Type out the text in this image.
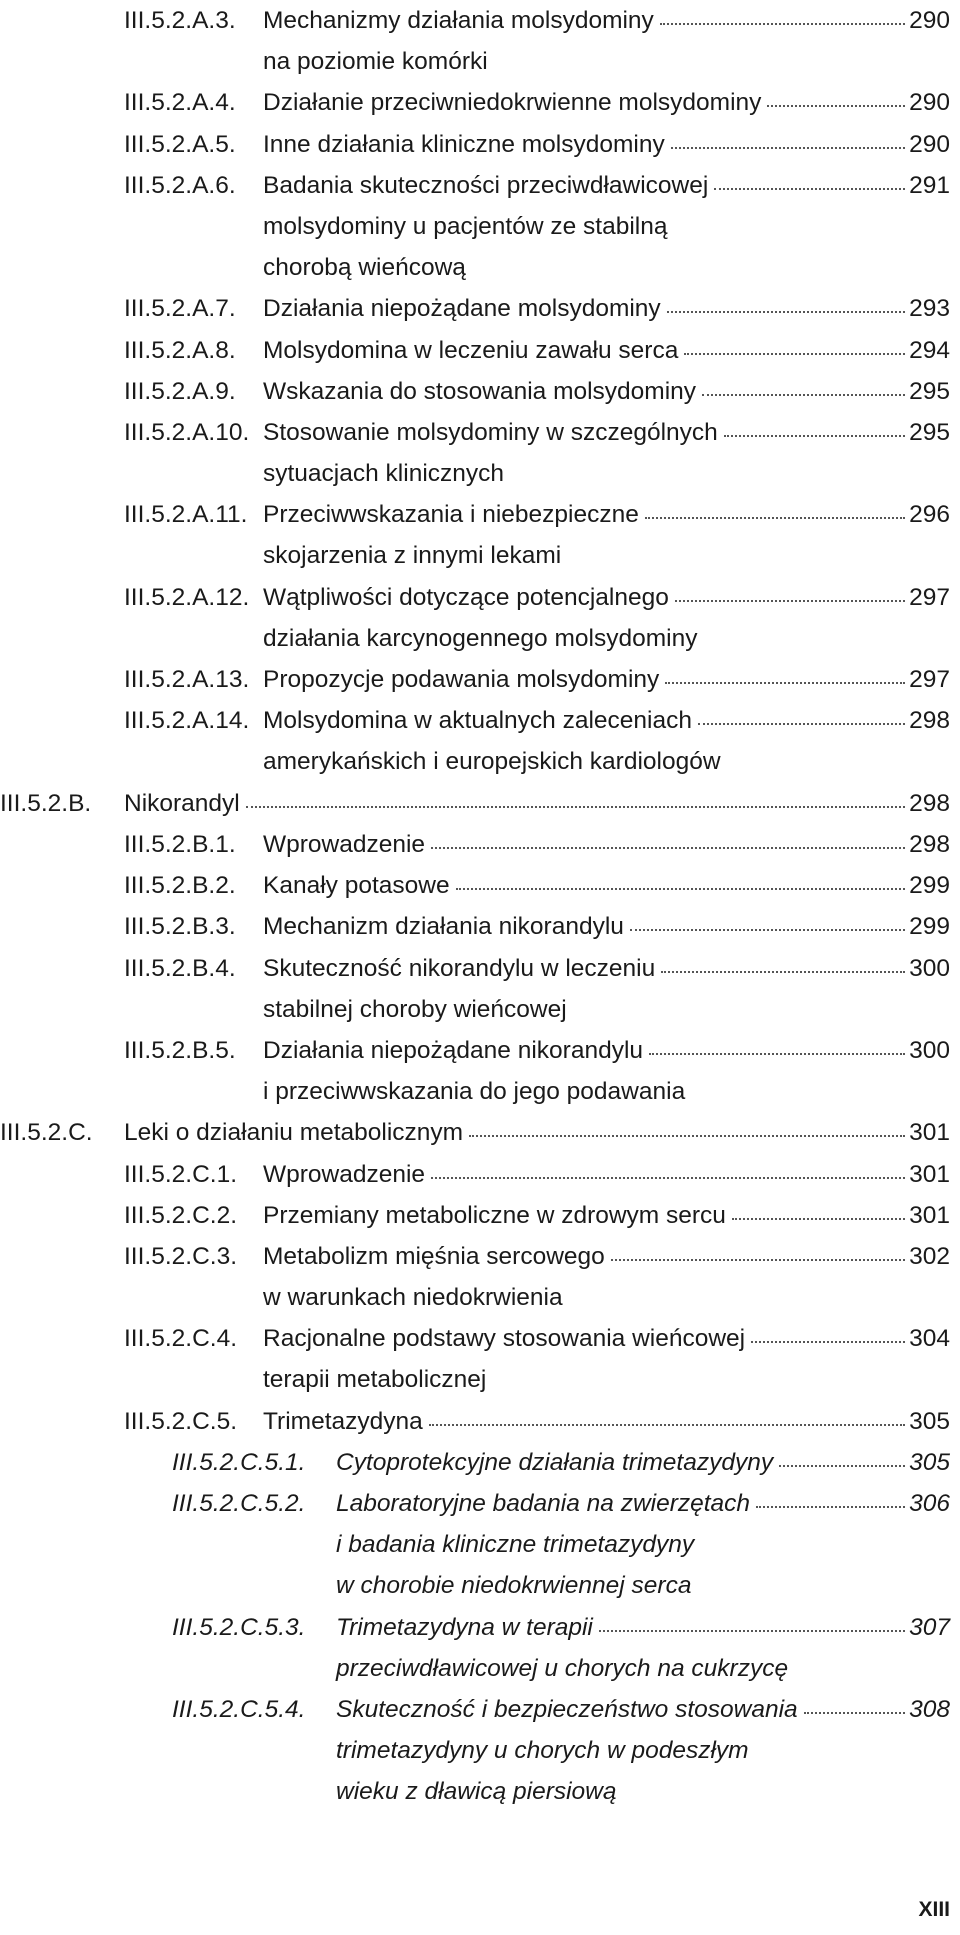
III.5.2.A.3. Mechanizmy działania molsydominy	290
na poziomie komórki
III.5.2.A.4. Działanie przeciwniedokrwienne molsydominy	290
III.5.2.A.5. Inne działania kliniczne molsydominy	290
III.5.2.A.6. Badania skuteczności przeciwdławicowej	291
molsydominy u pacjentów ze stabilną
chorobą wieńcową
III.5.2.A.7. Działania niepożądane molsydominy	293
III.5.2.A.8. Molsydomina w leczeniu zawału serca	294
III.5.2.A.9. Wskazania do stosowania molsydominy	295
III.5.2.A.10. Stosowanie molsydominy w szczególnych	295
sytuacjach klinicznych
III.5.2.A.11. Przeciwwskazania i niebezpieczne	296
skojarzenia z innymi lekami
III.5.2.A.12. Wątpliwości dotyczące potencjalnego	297
działania karcynogennego molsydominy
III.5.2.A.13. Propozycje podawania molsydominy	297
III.5.2.A.14. Molsydomina w aktualnych zaleceniach	298
amerykańskich i europejskich kardiologów
III.5.2.B. Nikorandyl	298
III.5.2.B.1. Wprowadzenie	298
III.5.2.B.2. Kanały potasowe	299
III.5.2.B.3. Mechanizm działania nikorandylu	299
III.5.2.B.4. Skuteczność nikorandylu w leczeniu	300
stabilnej choroby wieńcowej
III.5.2.B.5. Działania niepożądane nikorandylu	300
i przeciwwskazania do jego podawania
III.5.2.C. Leki o działaniu metabolicznym	301
III.5.2.C.1. Wprowadzenie	301
III.5.2.C.2. Przemiany metaboliczne w zdrowym sercu	301
III.5.2.C.3. Metabolizm mięśnia sercowego	302
w warunkach niedokrwienia
III.5.2.C.4. Racjonalne podstawy stosowania wieńcowej	304
terapii metabolicznej
III.5.2.C.5. Trimetazydyna	305
III.5.2.C.5.1. Cytoprotekcyjne działania trimetazydyny	305
III.5.2.C.5.2. Laboratoryjne badania na zwierzętach	306
i badania kliniczne trimetazydyny
w chorobie niedokrwiennej serca
III.5.2.C.5.3. Trimetazydyna w terapii	307
przeciwdławicowej u chorych na cukrzycę
III.5.2.C.5.4. Skuteczność i bezpieczeństwo stosowania	308
trimetazydyny u chorych w podeszłym
wieku z dławicą piersiową
XIII
